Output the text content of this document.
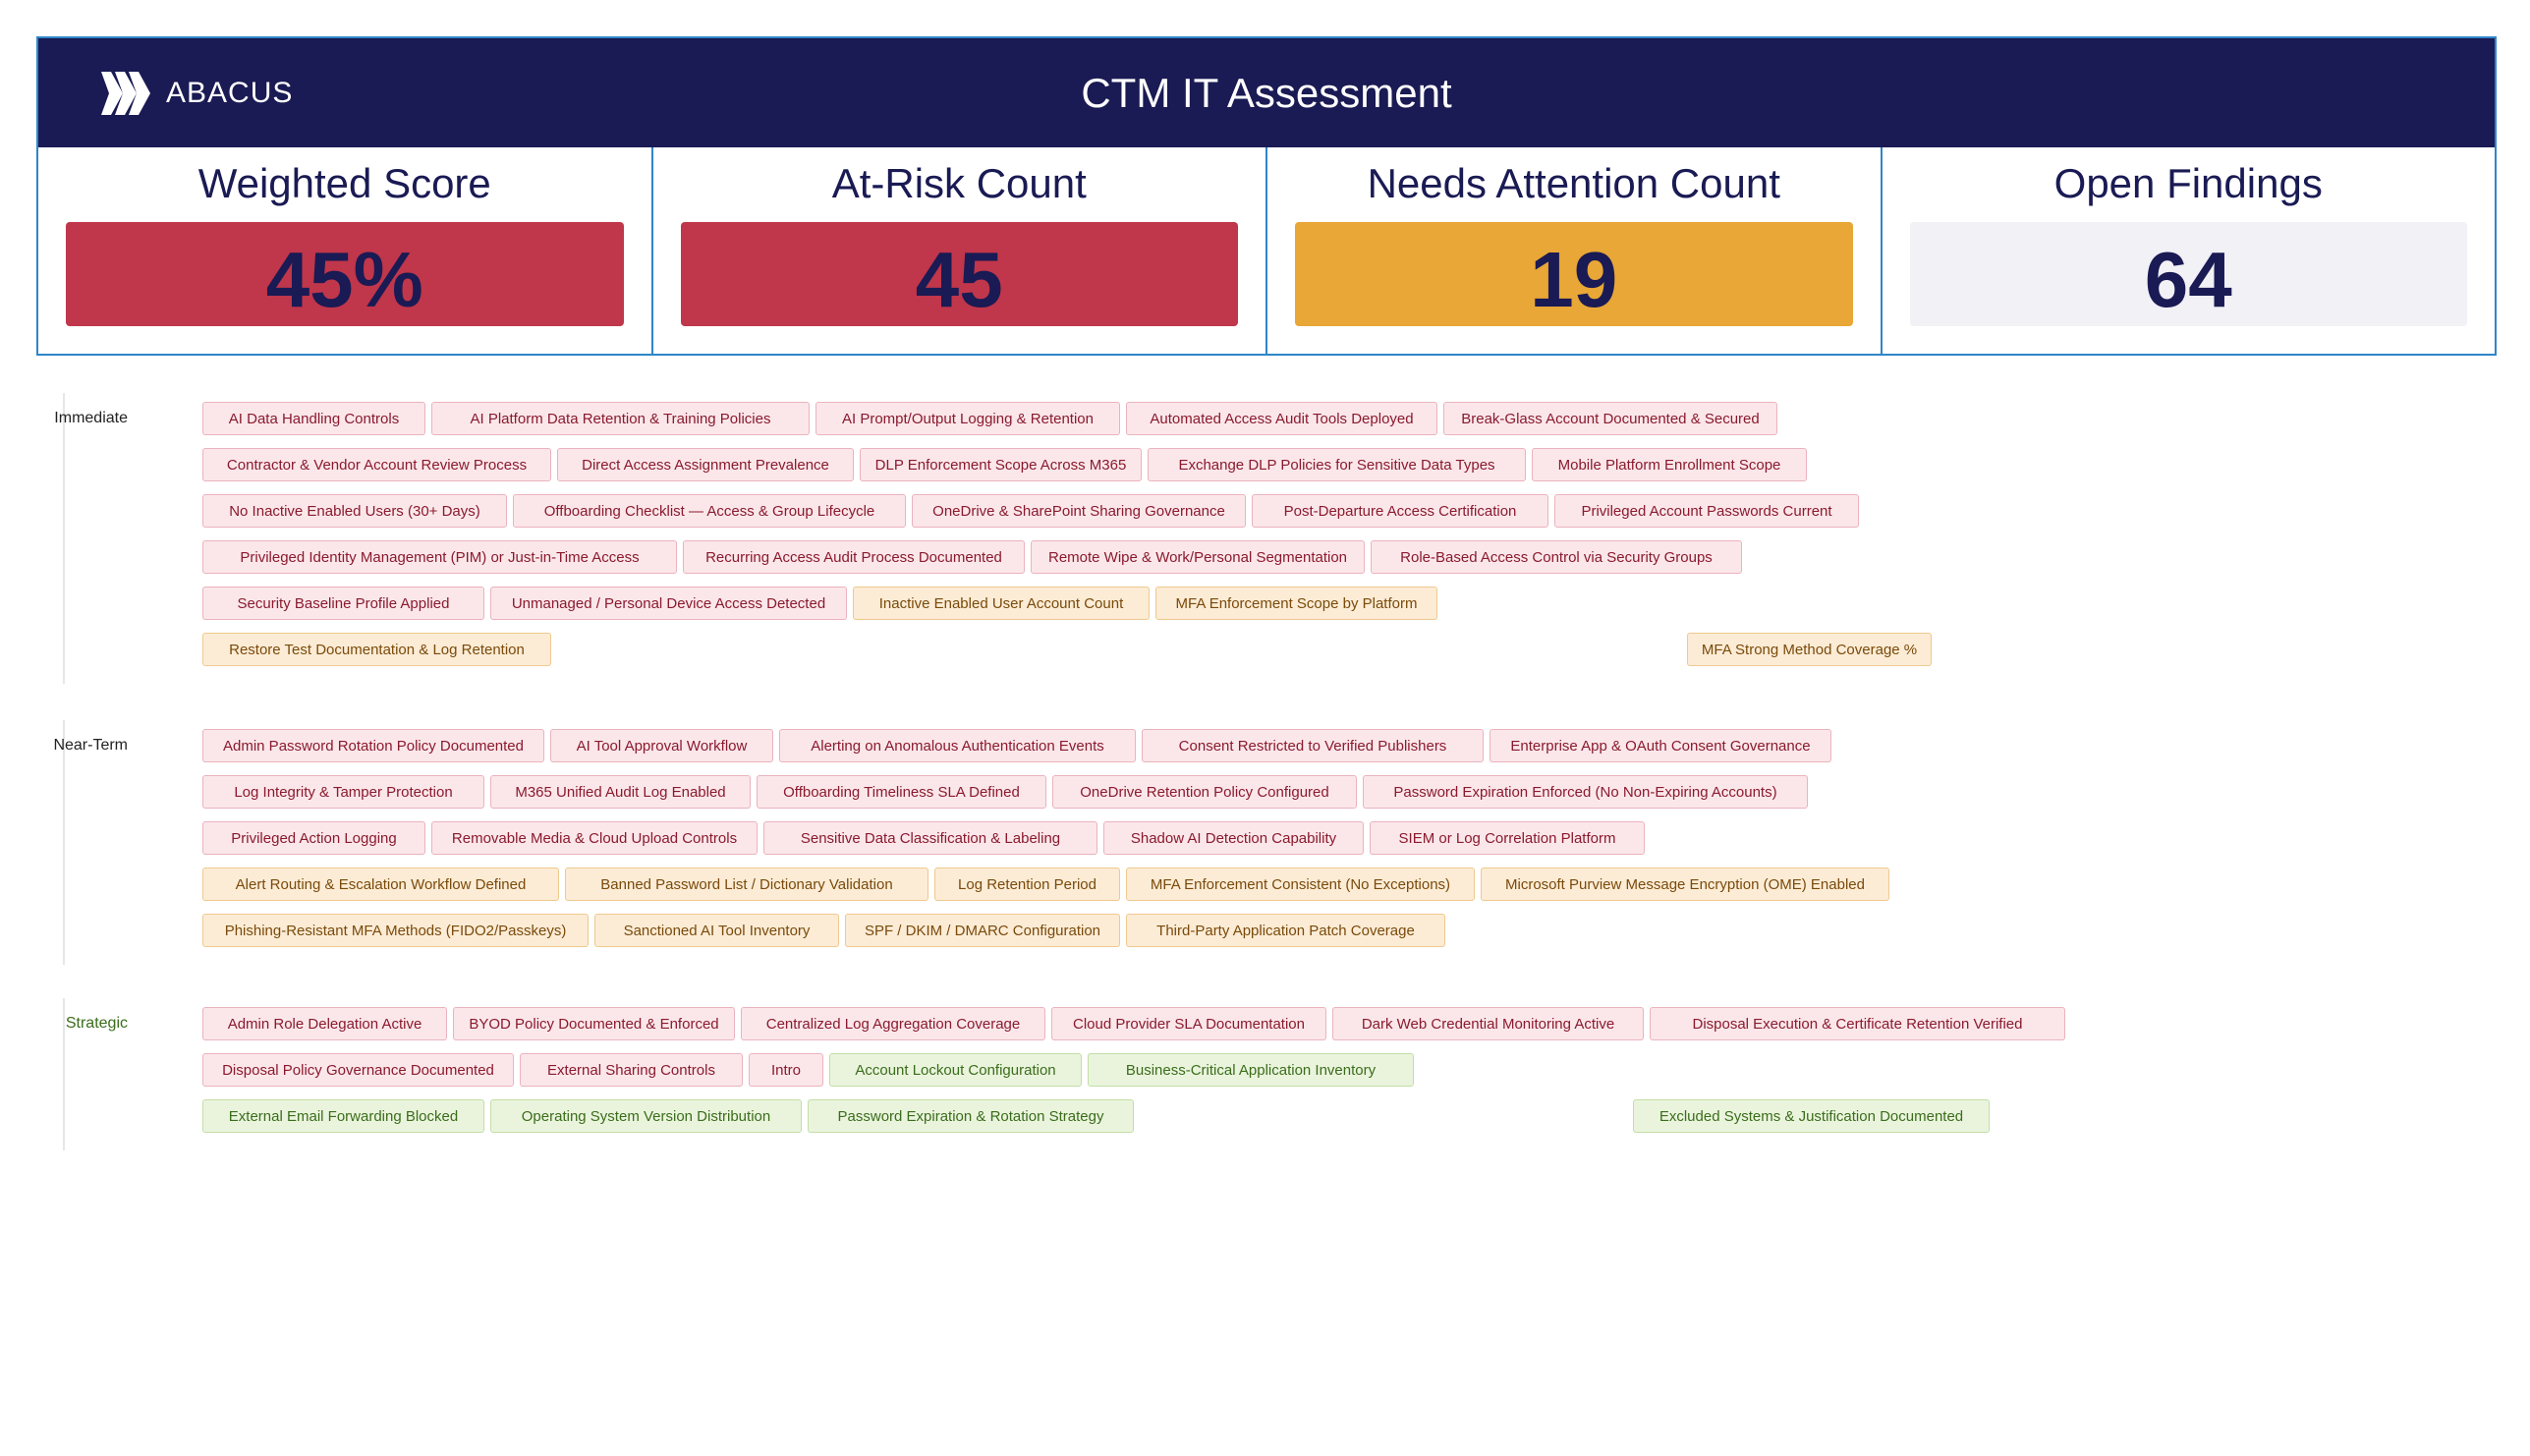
ABACUS	CTM IT Assessment
Weighted Score
45%
At-Risk Count
45
Needs Attention Count
19
Open Findings
64
Immediate	AI Data Handling Controls	AI Platform Data Retention & Training Policies	AI Prompt/Output Logging & Retention	Automated Access Audit Tools Deployed	Break-Glass Account Documented & Secured
Contractor & Vendor Account Review Process	Direct Access Assignment Prevalence	DLP Enforcement Scope Across M365	Exchange DLP Policies for Sensitive Data Types	Mobile Platform Enrollment Scope
No Inactive Enabled Users (30+ Days)	Offboarding Checklist — Access & Group Lifecycle	OneDrive & SharePoint Sharing Governance	Post-Departure Access Certification	Privileged Account Passwords Current
Privileged Identity Management (PIM) or Just-in-Time Access	Recurring Access Audit Process Documented	Remote Wipe & Work/Personal Segmentation	Role-Based Access Control via Security Groups
Security Baseline Profile Applied	Unmanaged / Personal Device Access Detected	Inactive Enabled User Account Count	MFA Enforcement Scope by Platform
Restore Test Documentation & Log Retention	MFA Strong Method Coverage %
Near-Term	Admin Password Rotation Policy Documented	AI Tool Approval Workflow	Alerting on Anomalous Authentication Events	Consent Restricted to Verified Publishers	Enterprise App & OAuth Consent Governance
Log Integrity & Tamper Protection	M365 Unified Audit Log Enabled	Offboarding Timeliness SLA Defined	OneDrive Retention Policy Configured	Password Expiration Enforced (No Non-Expiring Accounts)
Privileged Action Logging	Removable Media & Cloud Upload Controls	Sensitive Data Classification & Labeling	Shadow AI Detection Capability	SIEM or Log Correlation Platform
Alert Routing & Escalation Workflow Defined	Banned Password List / Dictionary Validation	Log Retention Period	MFA Enforcement Consistent (No Exceptions)	Microsoft Purview Message Encryption (OME) Enabled
Phishing-Resistant MFA Methods (FIDO2/Passkeys)	Sanctioned AI Tool Inventory	SPF / DKIM / DMARC Configuration	Third-Party Application Patch Coverage
Strategic	Admin Role Delegation Active	BYOD Policy Documented & Enforced	Centralized Log Aggregation Coverage	Cloud Provider SLA Documentation	Dark Web Credential Monitoring Active	Disposal Execution & Certificate Retention Verified
Disposal Policy Governance Documented	External Sharing Controls	Intro	Account Lockout Configuration	Business-Critical Application Inventory
External Email Forwarding Blocked	Operating System Version Distribution	Password Expiration & Rotation Strategy	Excluded Systems & Justification Documented
